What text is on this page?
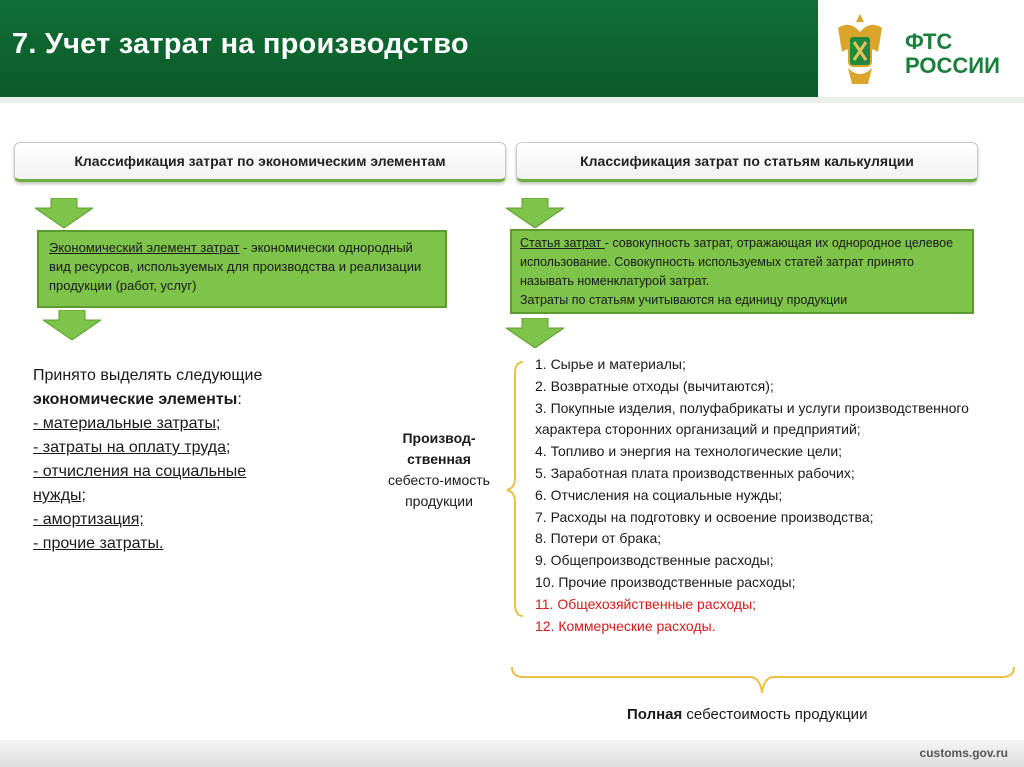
7. Учет затрат на производство	ФТС
РОССИИ
Классификация затрат по экономическим элементам	Классификация затрат по статьям калькуляции
Экономический элемент затрат - экономически однородный вид ресурсов, используемых для производства и реализации продукции (работ, услуг)
Статья затрат - совокупность затрат, отражающая их однородное целевое использование. Совокупность используемых статей затрат принято называть номенклатурой затрат.
Затраты по статьям учитываются на единицу продукции
Принято выделять следующие экономические элементы:
- материальные затраты;
- затраты на оплату труда;
- отчисления на социальные нужды;
- амортизация;
- прочие затраты.
Производ-ственная
себесто-имость продукции
1. Сырье и материалы;
2. Возвратные отходы (вычитаются);
3. Покупные изделия, полуфабрикаты и услуги производственного характера сторонних организаций и предприятий;
4. Топливо и энергия на технологические цели;
5. Заработная плата производственных рабочих;
6. Отчисления на социальные нужды;
7. Расходы на подготовку и освоение производства;
8. Потери от брака;
9. Общепроизводственные расходы;
10. Прочие производственные расходы;
11. Общехозяйственные расходы;
12. Коммерческие расходы.
Полная себестоимость продукции
customs.gov.ru
